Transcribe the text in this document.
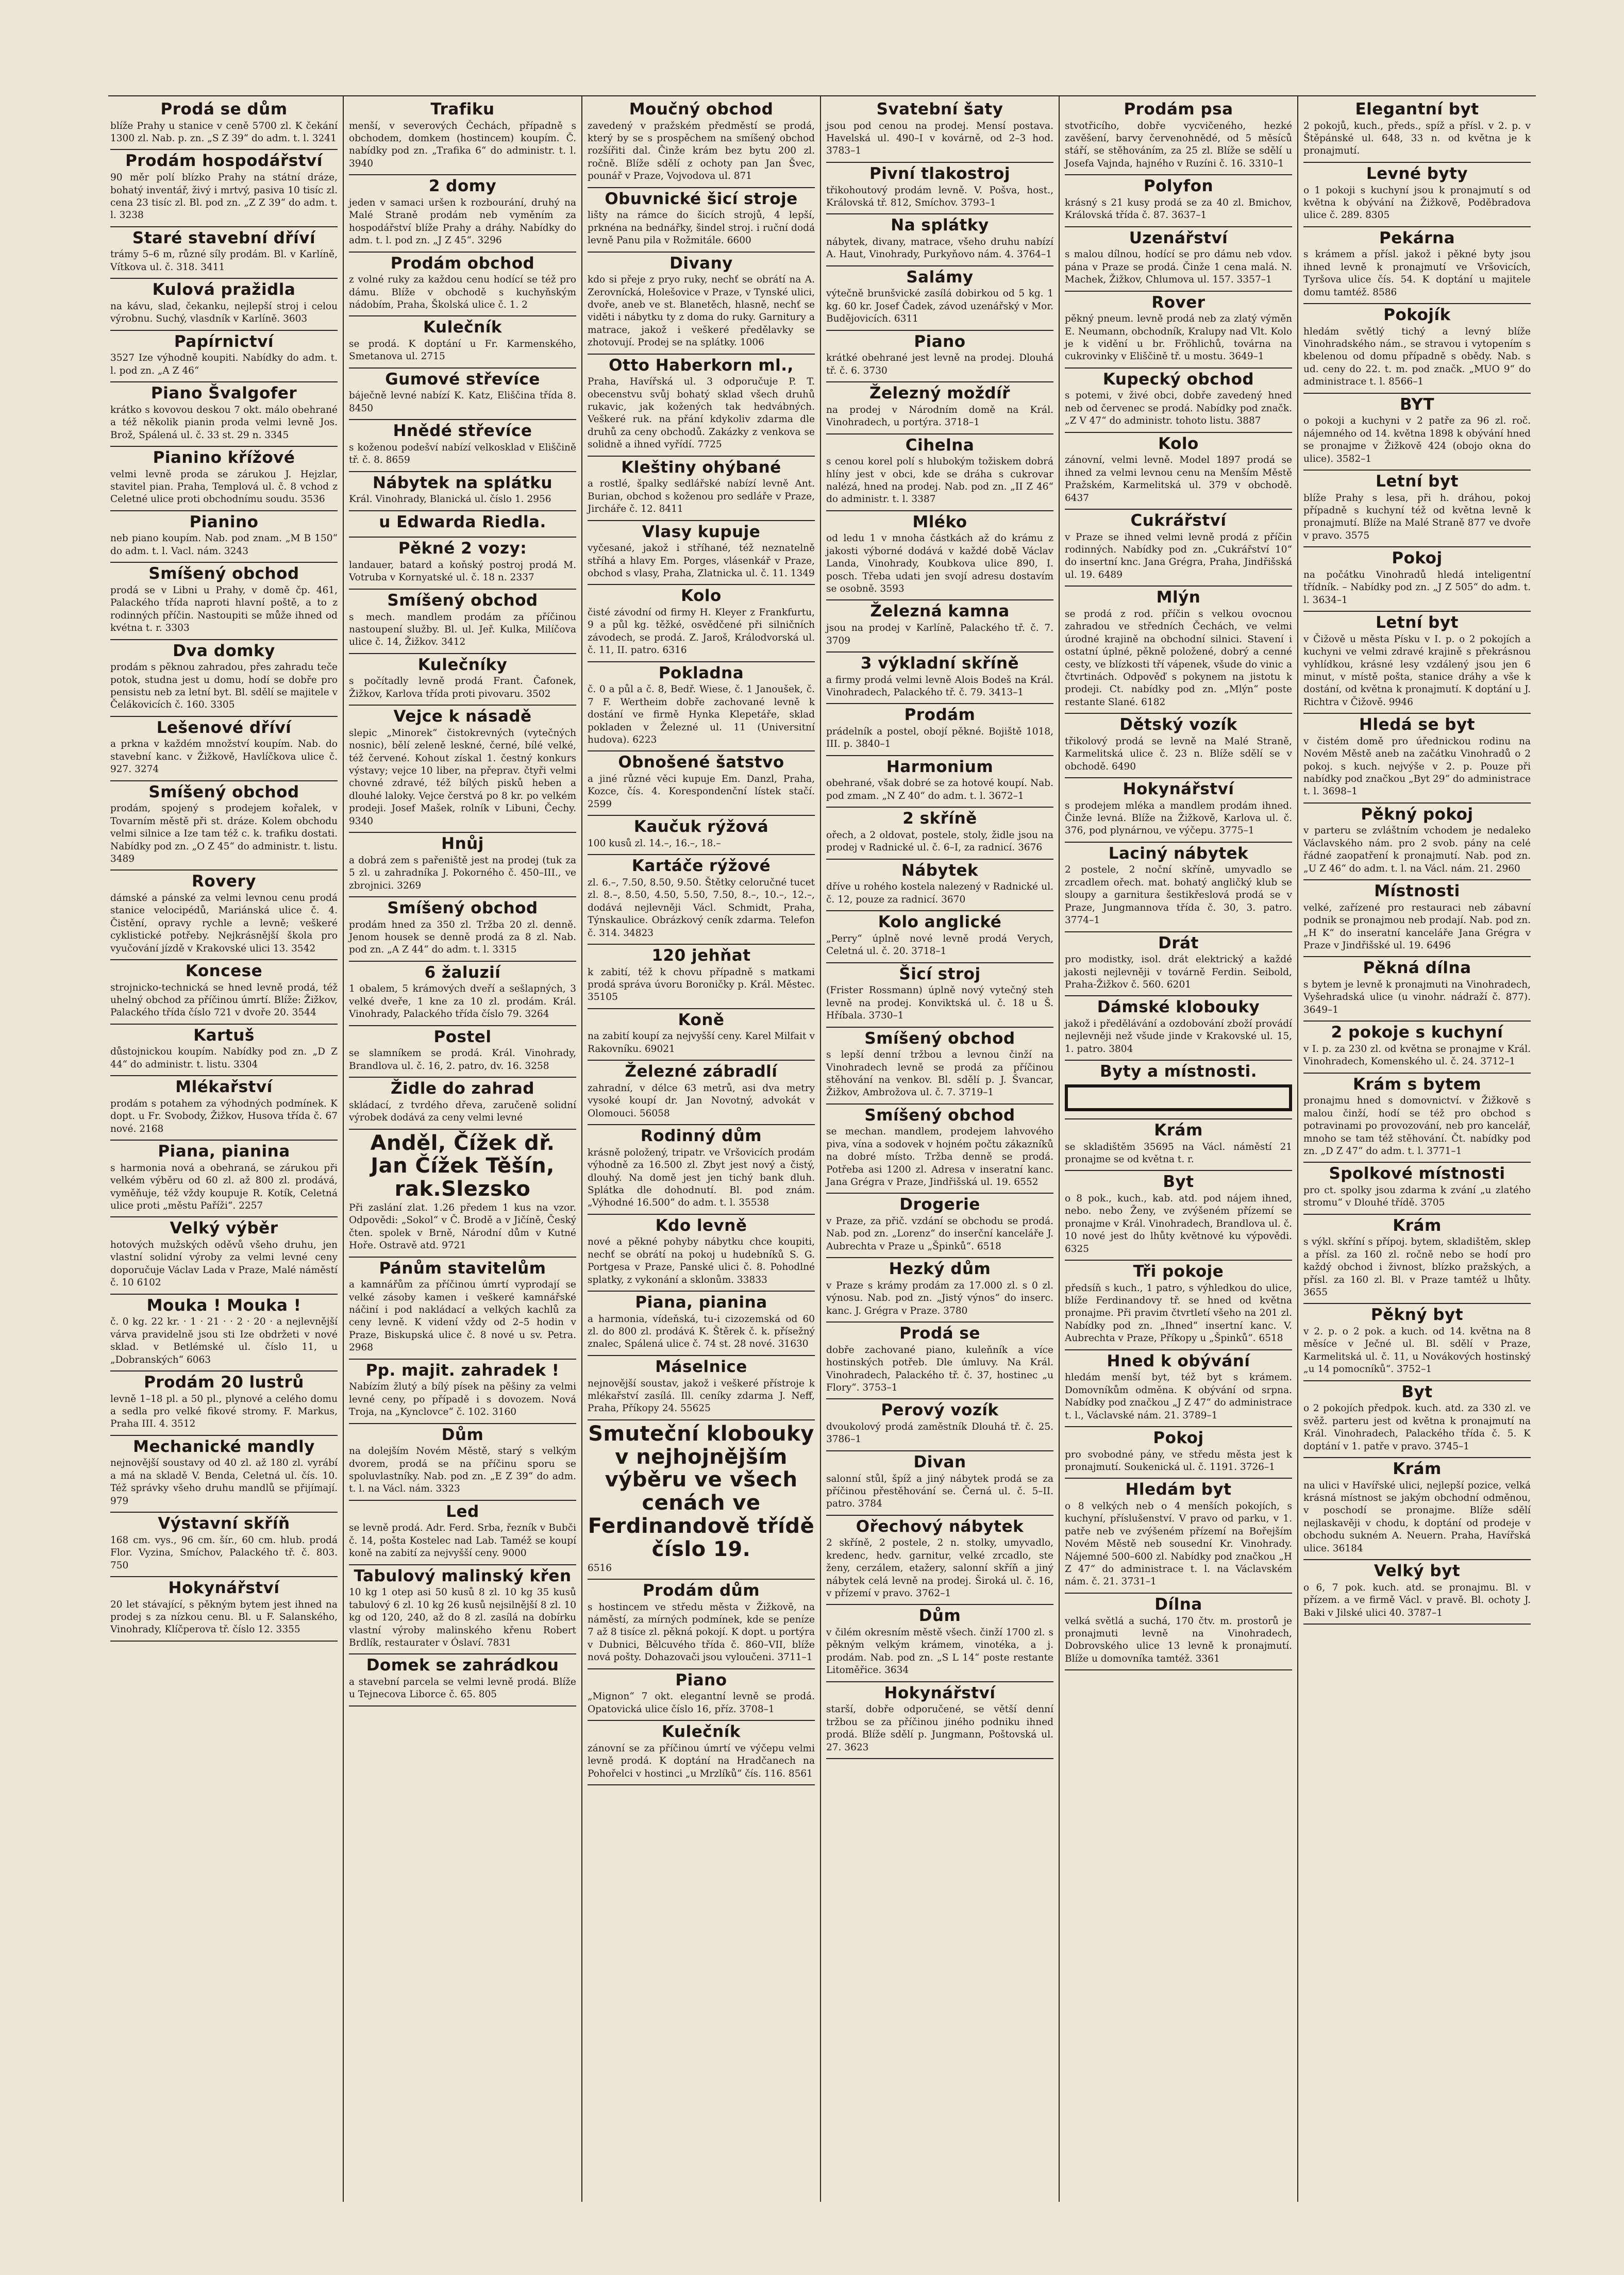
Prodá se dům
blíže Prahy u stanice v ceně 5700 zl. K čekání 1300 zl. Nab. p. zn. „S Z 39“ do adm. t. l. 3241
Prodám hospodářství
90 měr polí blízko Prahy na státní dráze, bohatý inventář, živý i mrtvý, pasiva 10 tisíc zl. cena 23 tisíc zl. Bl. pod zn. „Z Z 39“ do adm. t. l. 3238
Staré stavební dříví
trámy 5–6 m, různé síly prodám. Bl. v Karlíně, Vítkova ul. č. 318. 3411
Kulová pražidla
na kávu, slad, čekanku, nejlepší stroj i celou výrobnu. Suchý, vlasdník v Karlíně. 3603
Papírnictví
3527 Ize výhodně koupiti. Nabídky do adm. t. l. pod zn. „A Z 46“
Piano Švalgofer
krátko s kovovou deskou 7 okt. málo obehrané a též několik pianin proda velmi levně Jos. Brož, Spálená ul. č. 33 st. 29 n. 3345
Pianino křížové
velmi levně proda se zárukou J. Hejzlar, stavitel pian. Praha, Templová ul. č. 8 vchod z Celetné ulice proti obchodnímu soudu. 3536
Pianino
neb piano koupím. Nab. pod znam. „M B 150“ do adm. t. l. Vacl. nám. 3243
Smíšený obchod
prodá se v Libni u Prahy, v domě čp. 461, Palackého třída naproti hlavní poště, a to z rodinných příčin. Nastoupiti se může ihned od kvétna t. r. 3303
Dva domky
prodám s pěknou zahradou, přes zahradu teče potok, studna jest u domu, hodí se dobře pro pensistu neb za letní byt. Bl. sdělí se majitele v Čelákovicích č. 160. 3305
Lešenové dříví
a prkna v každém množství koupím. Nab. do stavební kanc. v Žižkově, Havlíčkova ulice č. 927. 3274
Smíšený obchod
prodám, spojený s prodejem kořalek, v Tovarním městě při st. dráze. Kolem obchodu velmi silnice a Ize tam též c. k. trafiku dostati. Nabídky pod zn. „O Z 45“ do administr. t. listu. 3489
Rovery
dámské a pánské za velmi levnou cenu prodá stanice velocipédů, Mariánská ulice č. 4. Čistění, opravy rychle a levně; veškeré cyklistické potřeby. Nejkrásnější škola pro vyučování jízdě v Krakovské ulici 13. 3542
Koncese
strojnicko-technická se hned levně prodá, též uhelný obchod za příčinou úmrtí. Blíže: Žižkov, Palackého třída číslo 721 v dvoře 20. 3544
Kartuš
důstojnickou koupím. Nabídky pod zn. „D Z 44“ do administr. t. listu. 3304
Mlékařství
prodám s potahem za výhodných podmínek. K dopt. u Fr. Svobody, Žižkov, Husova třída č. 67 nové. 2168
Piana, pianina
s harmonia nová a obehraná, se zárukou při velkém výběru od 60 zl. až 800 zl. prodává, vyměňuje, též vždy koupuje R. Kotík, Celetná ulice proti „městu Paříži“. 2257
Velký výběr
hotových mužských oděvů všeho druhu, jen vlastní solidní výroby za velmi levné ceny doporučuje Václav Lada v Praze, Malé náměstí č. 10 6102
Mouka ! Mouka !
č. 0 kg. 22 kr. · 1 · 21 · · 2 · 20 · a nejlevnější várva pravidelně jsou sti Ize obdržeti v nové sklad. v Betlémské ul. číslo 11, u „Dobranských“ 6063
Prodám 20 lustrů
levně 1–18 pl. a 50 pl., plynové a celého domu a sedla pro velké fikové stromy. F. Markus, Praha III. 4. 3512
Mechanické mandly
nejnovější soustavy od 40 zl. až 180 zl. vyrábí a má na skladě V. Benda, Celetná ul. čís. 10. Též správky všeho druhu mandlů se přijímají. 979
Výstavní skříň
168 cm. vys., 96 cm. šír., 60 cm. hlub. prodá Flor. Vyzina, Smíchov, Palackého tř. č. 803. 750
Hokynářství
20 let stávající, s pěkným bytem jest ihned na prodej s za nízkou cenu. Bl. u F. Salanského, Vinohrady, Klíčperova tř. číslo 12. 3355
Trafiku
menší, v severových Čechách, případně s obchodem, domkem (hostincem) koupím. Č. nabídky pod zn. „Trafika 6“ do administr. t. l. 3940
2 domy
jeden v samaci uršen k rozbourání, druhý na Malé Straně prodám neb vyměním za hospodářství blíže Prahy a dráhy. Nabídky do adm. t. l. pod zn. „J Z 45“. 3296
Prodám obchod
z volné ruky za každou cenu hodící se též pro dámu. Blíže v obchodě s kuchyňským nádobím, Praha, Školská ulice č. 1. 2
Kulečník
se prodá. K doptání u Fr. Karmenského, Smetanova ul. 2715
Gumové střevíce
báječně levné nabízí K. Katz, Eliščina třída 8. 8450
Hnědé střevíce
s koženou podešví nabízí velkosklad v Eliščině tř. č. 8. 8659
Nábytek na splátku
Král. Vinohrady, Blanická ul. číslo 1. 2956
u Edwarda Riedla.
Pěkné 2 vozy:
landauer, batard a koňský postroj prodá M. Votruba v Kornyatské ul. č. 18 n. 2337
Smíšený obchod
s mech. mandlem prodám za příčinou nastoupení služby. Bl. ul. Jeř. Kulka, Milíčova ulice č. 14, Žižkov. 3412
Kulečníky
s počítadly levně prodá Frant. Čafonek, Žižkov, Karlova třída proti pivovaru. 3502
Vejce k násadě
slepic „Minorek“ čistokrevných (vytečných nosnic), bělí zeleně leskné, černé, bílé velké, též červené. Kohout získal 1. čestný konkurs výstavy; vejce 10 liber, na přeprav. čtyři velmi chovné zdravé, též bílých pisků heben a dlouhé laloky. Vejce čerstvá po 8 kr. po velkém prodeji. Josef Mašek, rolník v Libuni, Čechy. 9340
Hnůj
a dobrá zem s pařeniště jest na prodej (tuk za 5 zl. u zahradníka J. Pokorného č. 450–III., ve zbrojnici. 3269
Smíšený obchod
prodám hned za 350 zl. Tržba 20 zl. denně. Jenom housek se denně prodá za 8 zl. Nab. pod zn. „A Z 44“ do adm. t. l. 3315
6 žaluzií
1 obalem, 5 krámových dveří a sešlapných, 3 velké dveře, 1 kne za 10 zl. prodám. Král. Vinohrady, Palackého třída číslo 79. 3264
Postel
se slamníkem se prodá. Král. Vinohrady, Brandlova ul. č. 16, 2. patro, dv. 16. 3258
Židle do zahrad
skládací, z tvrdého dřeva, zaručeně solidní výrobek dodává za ceny velmi levné
Anděl, Čížek dř. Jan Čížek Těšín, rak.Slezsko
Při zaslání zlat. 1.26 předem 1 kus na vzor. Odpovědi: „Sokol“ v Č. Brodě a v Jičíně, Český čten. spolek v Brně, Národní dům v Kutné Hoře. Ostravě atd. 9721
Pánům stavitelům
a kamnářům za příčinou úmrtí vyprodají se velké zásoby kamen i veškeré kamnářské náčiní i pod nakládací a velkých kachlů za ceny levně. K videní vždy od 2–5 hodin v Praze, Biskupská ulice č. 8 nové u sv. Petra. 2968
Pp. majit. zahradek !
Nabízím žlutý a bílý písek na pěšiny za velmi levné ceny, po případě i s dovozem. Nová Troja, na „Kynclovce“ č. 102. 3160
Dům
na dolejším Novém Městě, starý s velkým dvorem, prodá se na příčinu sporu se spoluvlastníky. Nab. pod zn. „E Z 39“ do adm. t. l. na Václ. nám. 3323
Led
se levně prodá. Adr. Ferd. Srba, řezník v Bubči č. 14, pošta Kostelec nad Lab. Taméž se koupí koně na zabití za nejvyšší ceny. 9000
Tabulový malinský křen
10 kg 1 otep asi 50 kusů 8 zl. 10 kg 35 kusů tabulový 6 zl. 10 kg 26 kusů nejsilnější 8 zl. 10 kg od 120, 240, až do 8 zl. zasílá na dobírku vlastní výroby malinského křenu Robert Brdlík, restaurater v Óslaví. 7831
Domek se zahrádkou
a stavební parcela se velmi levně prodá. Blíže u Tejnecova Liborce č. 65. 805
Moučný obchod
zavedený v pražském předměstí se prodá, který by se s prospěchem na smíšený obchod rozšířiti dal. Činže krám bez bytu 200 zl. ročně. Blíže sdělí z ochoty pan Jan Švec, pounář v Praze, Vojvodova ul. 871
Obuvnické šicí stroje
lišty na rámce do šicích strojů, 4 lepší, prknéna na bednářky, šindel stroj. i ruční dodá levně Panu pila v Rožmitále. 6600
Divany
kdo si přeje z pryo ruky, nechť se obrátí na A. Zerovnícká, Holešovice v Praze, v Tynské ulici, dvoře, aneb ve st. Blanetěch, hlasně, nechť se viděti i nábytku ty z doma do ruky. Garnitury a matrace, jakož i veškeré předělavky se zhotovují. Prodej se na splátky. 1006
Otto Haberkorn ml.,
Praha, Havířská ul. 3 odporučuje P. T. obecenstvu svůj bohatý sklad všech druhů rukavic, jak kožených tak hedvábných. Veškeré ruk. na přání kdykoliv zdarma dle druhů za ceny obchodů. Zakázky z venkova se solidně a ihned vyřídí. 7725
Kleštiny ohýbané
a rostlé, špalky sedlářské nabízí levně Ant. Burian, obchod s koženou pro sedláře v Praze, Jircháře č. 12. 8411
Vlasy kupuje
vyčesané, jakož i stříhané, též neznatelně stříhá a hlavy Em. Porges, vlásenkář v Praze, obchod s vlasy, Praha, Zlatnicka ul. č. 11. 1349
Kolo
čisté závodní od firmy H. Kleyer z Frankfurtu, 9 a půl kg. těžké, osvědčené při silničních závodech, se prodá. Z. Jaroš, Králodvorská ul. č. 11, II. patro. 6316
Pokladna
č. 0 a půl a č. 8, Bedř. Wiese, č. 1 Janoušek, č. 7 F. Wertheim dobře zachované levně k dostání ve firmě Hynka Klepetáře, sklad pokladen v Železné ul. 11 (Universitní hudova). 6223
Obnošené šatstvo
a jiné různé věci kupuje Em. Danzl, Praha, Kozce, čís. 4. Korespondenční lístek stačí. 2599
Kaučuk rýžová
100 kusů zl. 14.–, 16.–, 18.–
Kartáče rýžové
zl. 6.–, 7.50, 8.50, 9.50. Štětky celoručné tucet zl. 8.–, 8.50, 4.50, 5.50, 7.50, 8.–, 10.–, 12.–, dodává nejlevněji Václ. Schmidt, Praha, Týnskaulice. Obrázkový ceník zdarma. Telefon č. 314. 34823
120 jehňat
k zabití, též k chovu případně s matkami prodá správa úvoru Boroničky p. Král. Městec. 35105
Koně
na zabití koupí za nejvyšší ceny. Karel Milfait v Rakovníku. 69021
Železné zábradlí
zahradní, v délce 63 metrů, asi dva metry vysoké koupí dr. Jan Novotný, advokát v Olomouci. 56058
Rodinný dům
krásně položený, tripatr. ve Vršovicích prodám výhodně za 16.500 zl. Zbyt jest nový a čistý, dlouhý. Na domě jest jen tichý bank dluh. Splátka dle dohodnutí. Bl. pod znám. „Výhodné 16.500“ do adm. t. l. 35538
Kdo levně
nové a pěkné pohyby nábytku chce koupiti, nechť se obrátí na pokoj u hudebníků S. G. Portgesa v Praze, Panské ulici č. 8. Pohodlné splatky, z vykonání a sklonům. 33833
Piana, pianina
a harmonia, vídeňská, tu-i cizozemská od 60 zl. do 800 zl. prodává K. Štěrek č. k. přísežný znalec, Spálená ulice č. 74 st. 28 nové. 31630
Máselnice
nejnovější soustav, jakož i veškeré přístroje k mlékařství zasílá. Ill. ceníky zdarma J. Neff, Praha, Příkopy 24. 55625
Smuteční klobouky v nejhojnějším výběru ve všech cenách ve Ferdinandově třídě číslo 19.
6516
Prodám dům
s hostincem ve středu města v Žižkově, na náměstí, za mírných podmínek, kde se peníze 7 až 8 tisíce zl. pěkná pokojí. K dopt. u portýra v Dubnici, Bělcuvého třída č. 860–VII, blíže nová pošty. Dohazovači jsou vyloučeni. 3711–1
Piano
„Mignon“ 7 okt. elegantní levně se prodá. Opatovická ulice číslo 16, příz. 3708–1
Kulečník
zánovní se za příčinou úmrtí ve výčepu velmi levně prodá. K doptání na Hradčanech na Pohořelci v hostinci „u Mrzlíků“ čís. 116. 8561
Svatební šaty
jsou pod cenou na prodej. Mensí postava. Havelská ul. 490–I v kovárně, od 2–3 hod. 3783–1
Pivní tlakostroj
třikohoutový prodám levně. V. Pošva, host., Královská tř. 812, Smíchov. 3793–1
Na splátky
nábytek, divany, matrace, všeho druhu nabízí A. Haut, Vinohrady, Purkyňovo nám. 4. 3764–1
Salámy
výtečně brunšvické zasílá dobirkou od 5 kg. 1 kg. 60 kr. Josef Čadek, závod uzenářský v Mor. Budějovicích. 6311
Piano
krátké obehrané jest levně na prodej. Dlouhá tř. č. 6. 3730
Železný moždíř
na prodej v Národním domě na Král. Vinohradech, u portýra. 3718–1
Cihelna
s cenou korel polí s hlubokým tožiskem dobrá hlíny jest v obci, kde se dráha s cukrovar nalézá, hned na prodej. Nab. pod zn. „II Z 46“ do administr. t. l. 3387
Mléko
od ledu 1 v mnoha částkách až do krámu z jakosti výborné dodává v každé době Václav Landa, Vinohrady, Koubkova ulice 890, I. posch. Třeba udati jen svojí adresu dostavím se osobně. 3593
Železná kamna
jsou na prodej v Karlíně, Palackého tř. č. 7. 3709
3 výkladní skříně
a firmy prodá velmi levně Alois Bodeš na Král. Vinohradech, Palackého tř. č. 79. 3413–1
Prodám
prádelník a postel, obojí pěkné. Bojiště 1018, III. p. 3840–1
Harmonium
obehrané, však dobré se za hotové koupí. Nab. pod zmam. „N Z 40“ do adm. t. l. 3672–1
2 skříně
ořech, a 2 oldovat, postele, stoly, židle jsou na prodej v Radnické ul. č. 6–I, za radnicí. 3676
Nábytek
dříve u rohého kostela nalezený v Radnické ul. č. 12, pouze za radnicí. 3670
Kolo anglické
„Perry“ úplně nové levně prodá Verych, Celetná ul. č. 20. 3718–1
Šicí stroj
(Frister Rossmann) úplně nový vytečný steh levně na prodej. Konviktská ul. č. 18 u Š. Hříbala. 3730–1
Smíšený obchod
s lepší denní tržbou a levnou činží na Vinohradech levně se prodá za příčinou stěhování na venkov. Bl. sdělí p. J. Švancar, Žižkov, Ambrožova ul. č. 7. 3719–1
Smíšený obchod
se mechan. mandlem, prodejem lahvového piva, vína a sodovek v hojném počtu zákazníků na dobré místo. Tržba denně se prodá. Potřeba asi 1200 zl. Adresa v inseratní kanc. Jana Grégra v Praze, Jindřišská ul. 19. 6552
Drogerie
v Praze, za přič. vzdání se obchodu se prodá. Nab. pod zn. „Lorenz“ do inserční kanceláře J. Aubrechta v Praze u „Špinků“. 6518
Hezký dům
v Praze s krámy prodám za 17.000 zl. s 0 zl. výnosu. Nab. pod zn. „Jistý výnos“ do inserc. kanc. J. Grégra v Praze. 3780
Prodá se
dobře zachované piano, kuleňník a více hostinských potřeb. Dle úmluvy. Na Král. Vinohradech, Palackého tř. č. 37, hostinec „u Flory“. 3753–1
Perový vozík
dvoukolový prodá zaměstník Dlouhá tř. č. 25. 3786–1
Divan
salonní stůl, špíž a jiný nábytek prodá se za příčinou přestěhování se. Černá ul. č. 5–II. patro. 3784
Ořechový nábytek
2 skříně, 2 postele, 2 n. stolky, umyvadlo, kredenc, hedv. garnitur, velké zrcadlo, ste ženy, cerzálem, etažery, salonní skříň a jiný nábytek celá levně na prodej. Široká ul. č. 16, v přízemí v pravo. 3762–1
Dům
v čilém okresním městě všech. činží 1700 zl. s pěkným velkým krámem, vinotéka, a j. prodám. Nab. pod zn. „S L 14“ poste restante Litoměřice. 3634
Hokynářství
starší, dobře odporučené, se větší denní tržbou se za příčinou jiného podniku ihned prodá. Blíže sdělí p. Jungmann, Poštovská ul. 27. 3623
Prodám psa
stvotřicího, dobře vycvičeného, hezké zavěšení, barvy červenohnědé, od 5 měsíců stáří, se stěhováním, za 25 zl. Blíže se sdělí u Josefa Vajnda, hajného v Ruzíni č. 16. 3310–1
Polyfon
krásný s 21 kusy prodá se za 40 zl. Bmichov, Královská třída č. 87. 3637–1
Uzenářství
s malou dílnou, hodící se pro dámu neb vdov. pána v Praze se prodá. Činže 1 cena malá. N. Machek, Žižkov, Chlumova ul. 157. 3357–1
Rover
pěkný pneum. levně prodá neb za zlatý výměn E. Neumann, obchodník, Kralupy nad Vlt. Kolo je k vidění u br. Fröhlichů, továrna na cukrovinky v Eliščině tř. u mostu. 3649–1
Kupecký obchod
s potemi, v živé obci, dobře zavedený hned neb od červenec se prodá. Nabídky pod značk. „Z V 47“ do administr. tohoto listu. 3887
Kolo
zánovní, velmi levně. Model 1897 prodá se ihned za velmi levnou cenu na Menším Městě Pražském, Karmelitská ul. 379 v obchodě. 6437
Cukrářství
v Praze se ihned velmi levně prodá z příčin rodinných. Nabídky pod zn. „Cukrářství 10“ do insertní knc. Jana Grégra, Praha, Jindřišská ul. 19. 6489
Mlýn
se prodá z rod. příčin s velkou ovocnou zahradou ve středních Čechách, ve velmi úrodné krajině na obchodní silnici. Stavení i ostatní úplné, pěkně položené, dobrý a cenné cesty, ve blízkosti tří vápenek, všude do vinic a čtvrtinách. Odpověď s pokynem na jistotu k prodeji. Ct. nabídky pod zn. „Mlýn“ poste restante Slané. 6182
Dětský vozík
třikolový prodá se levně na Malé Straně, Karmelitská ulice č. 23 n. Blíže sdělí se v obchodě. 6490
Hokynářství
s prodejem mléka a mandlem prodám ihned. Činže levná. Blíže na Žižkově, Karlova ul. č. 376, pod plynárnou, ve výčepu. 3775–1
Laciný nábytek
2 postele, 2 noční skříně, umyvadlo se zrcadlem ořech. mat. bohatý angličký klub se sloupy a garnitura šestikřeslová prodá se v Praze, Jungmannova třída č. 30, 3. patro. 3774–1
Drát
pro modistky, isol. drát elektrický a každé jakosti nejlevněji v továrně Ferdin. Seibold, Praha-Žižkov č. 560. 6201
Dámské klobouky
jakož i předělávání a ozdobování zboží provádí nejlevněji než všude jinde v Krakovské ul. 15, 1. patro. 3804
Byty a místnosti.
Krám
se skladištěm 35695 na Václ. náměstí 21 pronajme se od května t. r.
Byt
o 8 pok., kuch., kab. atd. pod nájem ihned, nebo. nebo Ženy, ve zvýšeném přízemí se pronajme v Král. Vinohradech, Brandlova ul. č. 10 nové jest do lhůty květnové ku výpovědi. 6325
Tři pokoje
předsíň s kuch., 1 patro, s výhledkou do ulice, blíže Ferdinandovy tř. se hned od května pronajme. Při pravim čtvrtletí všeho na 201 zl. Nabídky pod zn. „Ihned“ insertní kanc. V. Aubrechta v Praze, Příkopy u „Špinků“. 6518
Hned k obývání
hledám menší byt, též byt s krámem. Domovníkům odměna. K obývání od srpna. Nabídky pod značkou „J Z 47“ do administrace t. l., Václavské nám. 21. 3789–1
Pokoj
pro svobodné pány, ve středu města jest k pronajmutí. Soukenická ul. č. 1191. 3726–1
Hledám byt
o 8 velkých neb o 4 menších pokojích, s kuchyní, příslušenství. V pravo od parku, v 1. patře neb ve zvýšeném přízemí na Bořejším Novém Městě neb sousední Kr. Vinohrady. Nájemné 500–600 zl. Nabídky pod značkou „H Z 47“ do administrace t. l. na Václavském nám. č. 21. 3731–1
Dílna
velká světlá a suchá, 170 čtv. m. prostorů je pronajmuti levně na Vinohradech, Dobrovského ulice 13 levně k pronajmutí. Blíže u domovníka tamtéž. 3361
Elegantní byt
2 pokojů, kuch., předs., spíž a přísl. v 2. p. v Štěpánské ul. 648, 33 n. od května je k pronajmutí.
Levné byty
o 1 pokoji s kuchyní jsou k pronajmutí s od května k obývání na Žižkově, Poděbradova ulice č. 289. 8305
Pekárna
s krámem a přísl. jakož i pěkné byty jsou ihned levně k pronajmutí ve Vršovicích, Tyršova ulice čís. 54. K doptání u majitele domu tamtéž. 8586
Pokojík
hledám světlý tichý a levný blíže Vinohradského nám., se stravou i vytopením s kbelenou od domu případně s obědy. Nab. s ud. ceny do 22. t. m. pod značk. „MUO 9“ do administrace t. l. 8566–1
BYT
o pokoji a kuchyni v 2 patře za 96 zl. roč. nájemného od 14. května 1898 k obývání hned se pronajme v Žižkově 424 (obojo okna do ulice). 3582–1
Letní byt
blíže Prahy s lesa, při h. dráhou, pokoj případně s kuchyní též od května levně k pronajmutí. Blíže na Malé Straně 877 ve dvoře v pravo. 3575
Pokoj
na počátku Vinohradů hledá inteligentní třídník. – Nabídky pod zn. „J Z 505“ do adm. t. l. 3634–1
Letní byt
v Čižově u města Písku v I. p. o 2 pokojích a kuchyni ve velmi zdravé krajině s překrásnou vyhlídkou, krásné lesy vzdálený jsou jen 6 minut, v místě pošta, stanice dráhy a vše k dostání, od května k pronajmutí. K doptání u J. Richtra v Čižově. 9946
Hledá se byt
v čistém domě pro úřednickou rodinu na Novém Městě aneb na začátku Vinohradů o 2 pokoj. s kuch. nejvýše v 2. p. Pouze při nabídky pod značkou „Byt 29“ do administrace t. l. 3698–1
Pěkný pokoj
v parteru se zvláštním vchodem je nedaleko Václavského nám. pro 2 svob. pány na celé řádné zaopatření k pronajmutí. Nab. pod zn. „U Z 46“ do adm. t. l. na Václ. nám. 21. 2960
Místnosti
velké, zařízené pro restauraci neb zábavní podnik se pronajmou neb prodají. Nab. pod zn. „H K“ do inseratní kanceláře Jana Grégra v Praze v Jindřišské ul. 19. 6496
Pěkná dílna
s bytem je levně k pronajmuti na Vinohradech, Vyšehradská ulice (u vinohr. nádraží č. 877). 3649–1
2 pokoje s kuchyní
v I. p. za 230 zl. od května se pronajme v Král. Vinohradech, Komenského ul. č. 24. 3712–1
Krám s bytem
pronajmu hned s domovnictví. v Žižkově s malou činží, hodí se též pro obchod s potravinami po provozování, neb pro kancelář, mnoho se tam též stěhování. Čt. nabídky pod zn. „D Z 47“ do adm. t. l. 3771–1
Spolkové místnosti
pro ct. spolky jsou zdarma k zvání „u zlatého stromu“ v Dlouhé třídě. 3705
Krám
s výkl. skříní s přípoj. bytem, skladištěm, sklep a přísl. za 160 zl. ročně nebo se hodí pro každý obchod i živnost, blízko pražských, a přísl. za 160 zl. Bl. v Praze tamtéž u lhůty. 3655
Pěkný byt
v 2. p. o 2 pok. a kuch. od 14. května na 8 měsíce v Ječné ul. Bl. sdělí v Praze, Karmelitská ul. č. 11, u Novákových hostinský „u 14 pomocníků“. 3752–1
Byt
o 2 pokojích předpok. kuch. atd. za 330 zl. ve svěž. parteru jest od května k pronajmutí na Král. Vinohradech, Palackého třída č. 5. K doptání v 1. patře v pravo. 3745–1
Krám
na ulici v Havířské ulici, nejlepší pozice, velká krásná místnost se jakým obchodní odměnou, v poschodí se pronajme. Blíže sdělí nejlaskavěji v chodu, k doptání od prodeje v obchodu sukném A. Neuern. Praha, Havířská ulice. 36184
Velký byt
o 6, 7 pok. kuch. atd. se pronajmu. Bl. v přízem. a ve firmě Václ. v pravě. Bl. ochoty J. Baki v Jilské ulici 40. 3787–1
